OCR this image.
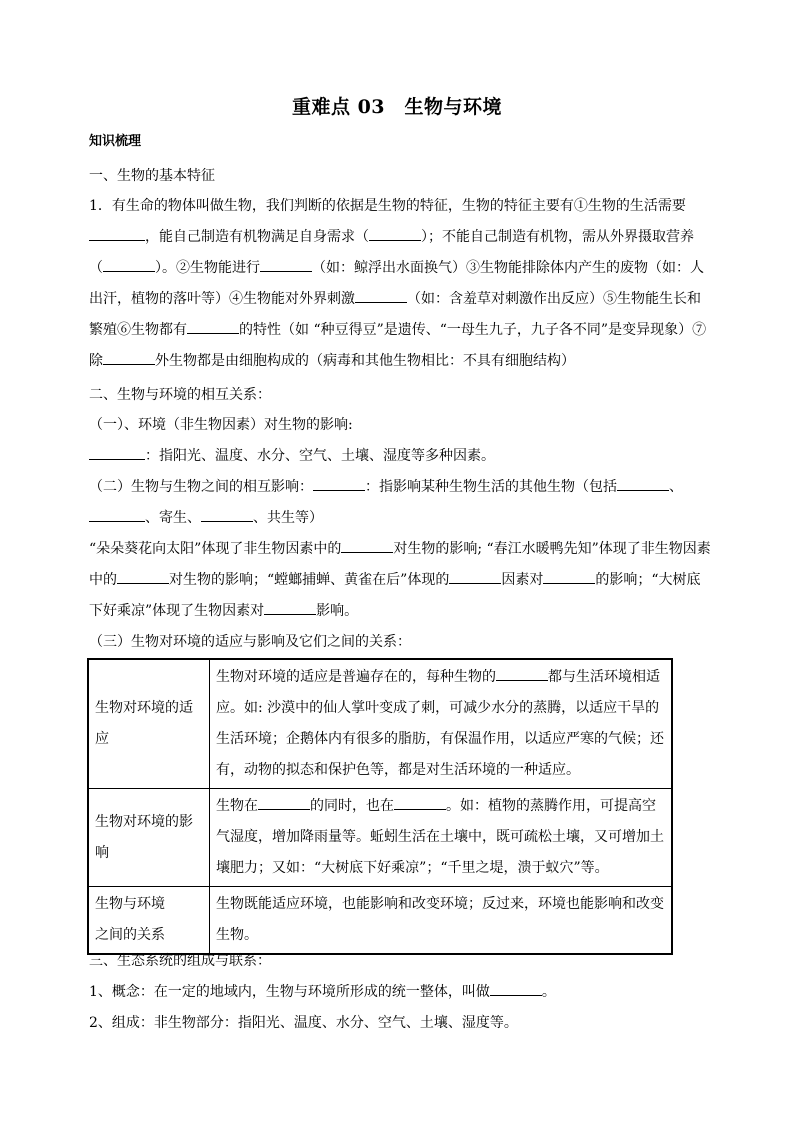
重难点 03　生物与环境
知识梳理
一、生物的基本特征
1．有生命的物体叫做生物，我们判断的依据是生物的特征，生物的特征主要有①生物的生活需要
，能自己制造有机物满足自身需求（	）；不能自己制造有机物，需从外界摄取营养
（	）。②生物能进行	（如：鲸浮出水面换气）③生物能排除体内产生的废物（如：人
出汗，植物的落叶等）④生物能对外界刺激	（如：含羞草对刺激作出反应）⑤生物能生长和
繁殖⑥生物都有	的特性（如 “种豆得豆”是遗传、“一母生九子，九子各不同”是变异现象）⑦
除	外生物都是由细胞构成的（病毒和其他生物相比：不具有细胞结构）
二、生物与环境的相互关系：
（一）、环境（非生物因素）对生物的影响:
：指阳光、温度、水分、空气、土壤、湿度等多种因素。
（二）生物与生物之间的相互影响：	：指影响某种生物生活的其他生物（包括	、
、寄生、	、共生等）
“朵朵葵花向太阳”体现了非生物因素中的	对生物的影响; “春江水暖鸭先知”体现了非生物因素
中的	对生物的影响；“螳螂捕蝉、黄雀在后”体现的	因素对	的影响；“大树底
下好乘凉”体现了生物因素对	影响。
（三）生物对环境的适应与影响及它们之间的关系：
生物对环境的适应	生物对环境的适应是普遍存在的，每种生物的 都与生活环境相适应。如: 沙漠中的仙人掌叶变成了刺，可减少水分的蒸腾，以适应干旱的生活环境；企鹅体内有很多的脂肪，有保温作用，以适应严寒的气候；还有，动物的拟态和保护色等，都是对生活环境的一种适应。
生物对环境的影响	生物在 的同时，也在 。如：植物的蒸腾作用，可提高空气湿度，增加降雨量等。蚯蚓生活在土壤中，既可疏松土壤，又可增加土壤肥力；又如：“大树底下好乘凉”；“千里之堤，溃于蚁穴”等。
生物与环境
之间的关系	生物既能适应环境，也能影响和改变环境；反过来，环境也能影响和改变生物。
三、生态系统的组成与联系：
1、概念：在一定的地域内，生物与环境所形成的统一整体，叫做	。
2、组成：非生物部分：指阳光、温度、水分、空气、土壤、湿度等。
